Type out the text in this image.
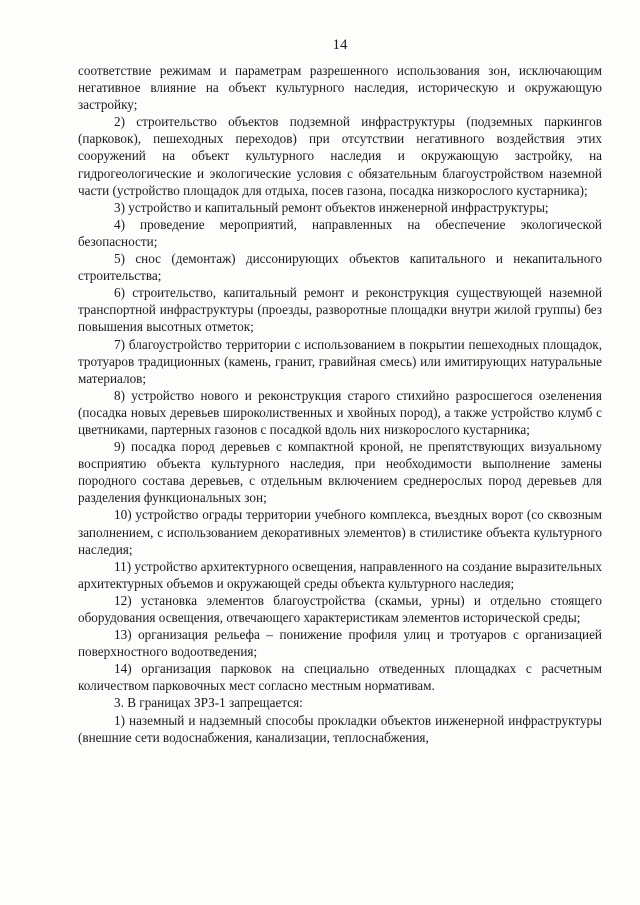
14

соответствие режимам и параметрам разрешенного использования зон, исключающим негативное влияние на объект культурного наследия, историческую и окружающую застройку;

2) строительство объектов подземной инфраструктуры (подземных паркингов (парковок), пешеходных переходов) при отсутствии негативного воздействия этих сооружений на объект культурного наследия и окружающую застройку, на гидрогеологические и экологические условия с обязательным благоустройством наземной части (устройство площадок для отдыха, посев газона, посадка низкорослого кустарника);

3) устройство и капитальный ремонт объектов инженерной инфраструктуры;

4) проведение мероприятий, направленных на обеспечение экологической безопасности;

5) снос (демонтаж) диссонирующих объектов капитального и некапитального строительства;

6) строительство, капитальный ремонт и реконструкция существующей наземной транспортной инфраструктуры (проезды, разворотные площадки внутри жилой группы) без повышения высотных отметок;

7) благоустройство территории с использованием в покрытии пешеходных площадок, тротуаров традиционных (камень, гранит, гравийная смесь) или имитирующих натуральные материалов;

8) устройство нового и реконструкция старого стихийно разросшегося озеленения (посадка новых деревьев широколиственных и хвойных пород), а также устройство клумб с цветниками, партерных газонов с посадкой вдоль них низкорослого кустарника;

9) посадка пород деревьев с компактной кроной, не препятствующих визуальному восприятию объекта культурного наследия, при необходимости выполнение замены породного состава деревьев, с отдельным включением среднерослых пород деревьев для разделения функциональных зон;

10) устройство ограды территории учебного комплекса, въездных ворот (со сквозным заполнением, с использованием декоративных элементов) в стилистике объекта культурного наследия;

11) устройство архитектурного освещения, направленного на создание выразительных архитектурных объемов и окружающей среды объекта культурного наследия;

12) установка элементов благоустройства (скамьи, урны) и отдельно стоящего оборудования освещения, отвечающего характеристикам элементов исторической среды;

13) организация рельефа – понижение профиля улиц и тротуаров с организацией поверхностного водоотведения;

14) организация парковок на специально отведенных площадках с расчетным количеством парковочных мест согласно местным нормативам.

3. В границах ЗРЗ-1 запрещается:

1) наземный и надземный способы прокладки объектов инженерной инфраструктуры (внешние сети водоснабжения, канализации, теплоснабжения,
